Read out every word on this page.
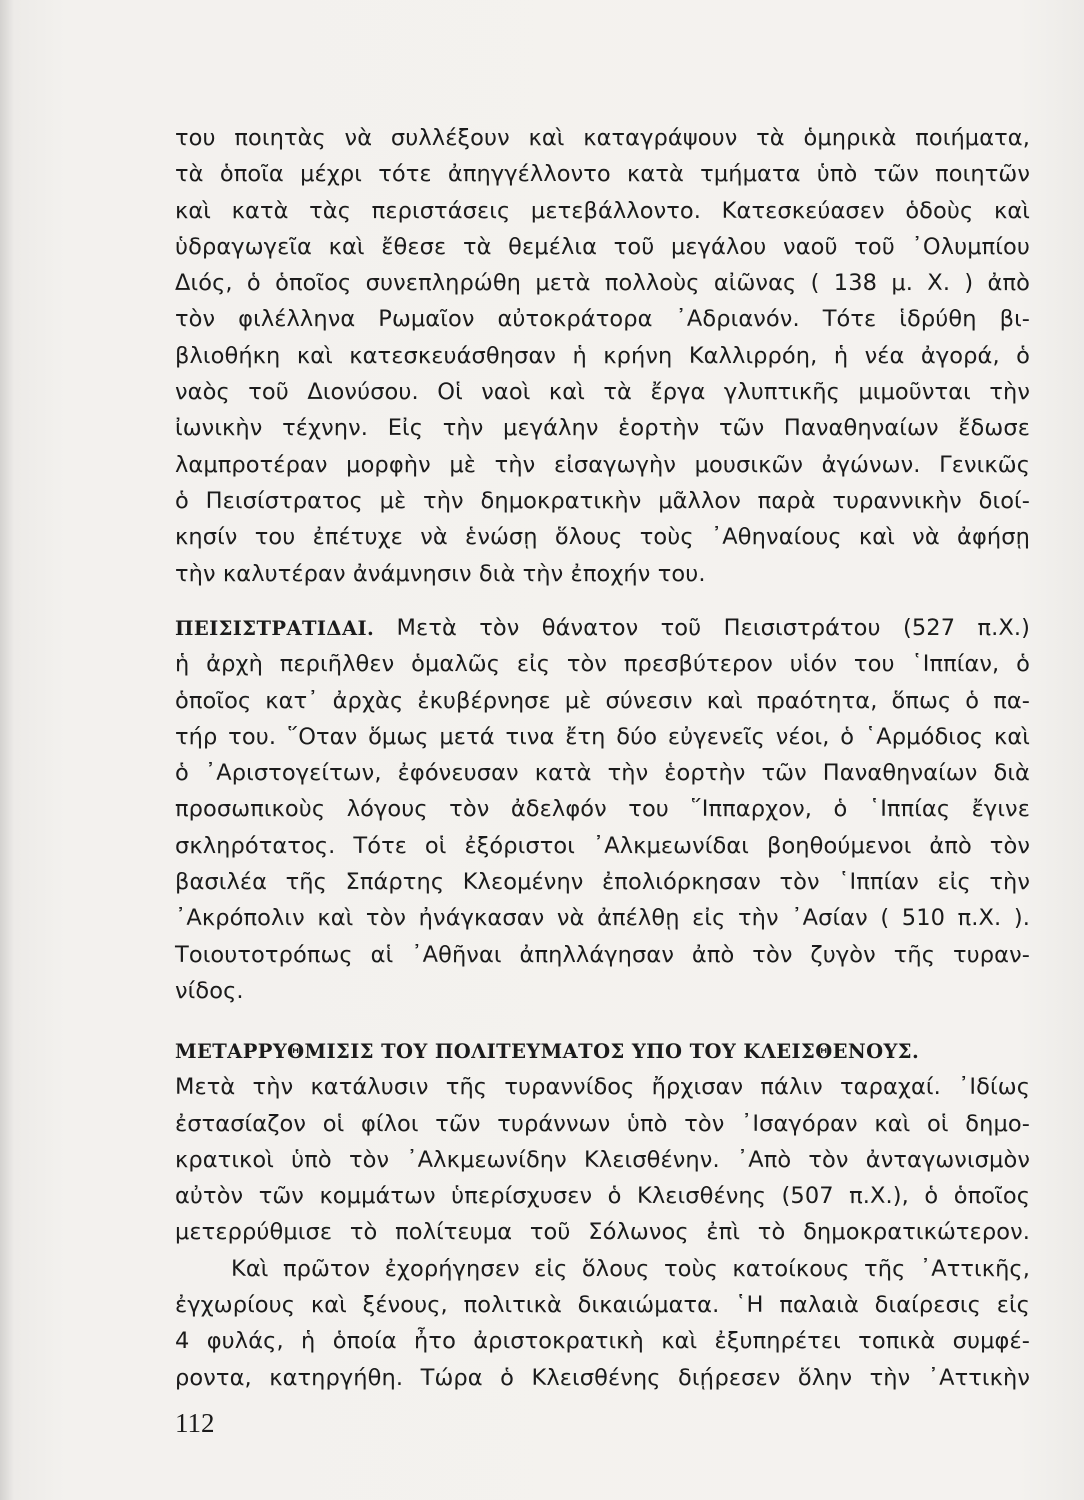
του ποιητὰς νὰ συλλέξουν καὶ καταγράψουν τὰ ὁμηρικὰ ποιήματα,
τὰ ὁποῖα μέχρι τότε ἀπηγγέλλοντο κατὰ τμήματα ὑπὸ τῶν ποιητῶν
καὶ κατὰ τὰς περιστάσεις μετεβάλλοντο. Κατεσκεύασεν ὁδοὺς καὶ
ὑδραγωγεῖα καὶ ἔθεσε τὰ θεμέλια τοῦ μεγάλου ναοῦ τοῦ ᾿Ολυμπίου
Διός, ὁ ὁποῖος συνεπληρώθη μετὰ πολλοὺς αἰῶνας ( 138 μ. Χ. ) ἀπὸ
τὸν φιλέλληνα Ρωμαῖον αὐτοκράτορα ᾿Αδριανόν. Τότε ἱδρύθη βι-
βλιοθήκη καὶ κατεσκευάσθησαν ἡ κρήνη Καλλιρρόη, ἡ νέα ἀγορά, ὁ
ναὸς τοῦ Διονύσου. Οἱ ναοὶ καὶ τὰ ἔργα γλυπτικῆς μιμοῦνται τὴν
ἰωνικὴν τέχνην. Εἰς τὴν μεγάλην ἑορτὴν τῶν Παναθηναίων ἔδωσε
λαμπροτέραν μορφὴν μὲ τὴν εἰσαγωγὴν μουσικῶν ἀγώνων. Γενικῶς
ὁ Πεισίστρατος μὲ τὴν δημοκρατικὴν μᾶλλον παρὰ τυραννικὴν διοί-
κησίν του ἐπέτυχε νὰ ἑνώσῃ ὅλους τοὺς ᾿Αθηναίους καὶ νὰ ἀφήσῃ
τὴν καλυτέραν ἀνάμνησιν διὰ τὴν ἐποχήν του.
ΠΕΙΣΙΣΤΡΑΤΙΔΑΙ. Μετὰ τὸν θάνατον τοῦ Πεισιστράτου (527 π.Χ.)
ἡ ἀρχὴ περιῆλθεν ὁμαλῶς εἰς τὸν πρεσβύτερον υἱόν του ῾Ιππίαν, ὁ
ὁποῖος κατ᾿ ἀρχὰς ἐκυβέρνησε μὲ σύνεσιν καὶ πραότητα, ὅπως ὁ πα-
τήρ του. ῞Οταν ὅμως μετά τινα ἔτη δύο εὐγενεῖς νέοι, ὁ ῾Αρμόδιος καὶ
ὁ ᾿Αριστογείτων, ἐφόνευσαν κατὰ τὴν ἑορτὴν τῶν Παναθηναίων διὰ
προσωπικοὺς λόγους τὸν ἀδελφόν του ῞Ιππαρχον, ὁ ῾Ιππίας ἔγινε
σκληρότατος. Τότε οἱ ἐξόριστοι ᾿Αλκμεωνίδαι βοηθούμενοι ἀπὸ τὸν
βασιλέα τῆς Σπάρτης Κλεομένην ἐπολιόρκησαν τὸν ῾Ιππίαν εἰς τὴν
᾿Ακρόπολιν καὶ τὸν ἠνάγκασαν νὰ ἀπέλθῃ εἰς τὴν ᾿Ασίαν ( 510 π.Χ. ).
Τοιουτοτρόπως αἱ ᾿Αθῆναι ἀπηλλάγησαν ἀπὸ τὸν ζυγὸν τῆς τυραν-
νίδος.
ΜΕΤΑΡΡΥΘΜΙΣΙΣ ΤΟΥ ΠΟΛΙΤΕΥΜΑΤΟΣ ΥΠΟ ΤΟΥ ΚΛΕΙΣΘΕΝΟΥΣ.
Μετὰ τὴν κατάλυσιν τῆς τυραννίδος ἤρχισαν πάλιν ταραχαί. ᾿Ιδίως
ἐστασίαζον οἱ φίλοι τῶν τυράννων ὑπὸ τὸν ᾿Ισαγόραν καὶ οἱ δημο-
κρατικοὶ ὑπὸ τὸν ᾿Αλκμεωνίδην Κλεισθένην. ᾿Απὸ τὸν ἀνταγωνισμὸν
αὐτὸν τῶν κομμάτων ὑπερίσχυσεν ὁ Κλεισθένης (507 π.Χ.), ὁ ὁποῖος
μετερρύθμισε τὸ πολίτευμα τοῦ Σόλωνος ἐπὶ τὸ δημοκρατικώτερον.
Καὶ πρῶτον ἐχορήγησεν εἰς ὅλους τοὺς κατοίκους τῆς ᾿Αττικῆς,
ἐγχωρίους καὶ ξένους, πολιτικὰ δικαιώματα. ῾Η παλαιὰ διαίρεσις εἰς
4 φυλάς, ἡ ὁποία ἦτο ἀριστοκρατικὴ καὶ ἐξυπηρέτει τοπικὰ συμφέ-
ροντα, κατηργήθη. Τώρα ὁ Κλεισθένης διῄρεσεν ὅλην τὴν ᾿Αττικὴν
112
